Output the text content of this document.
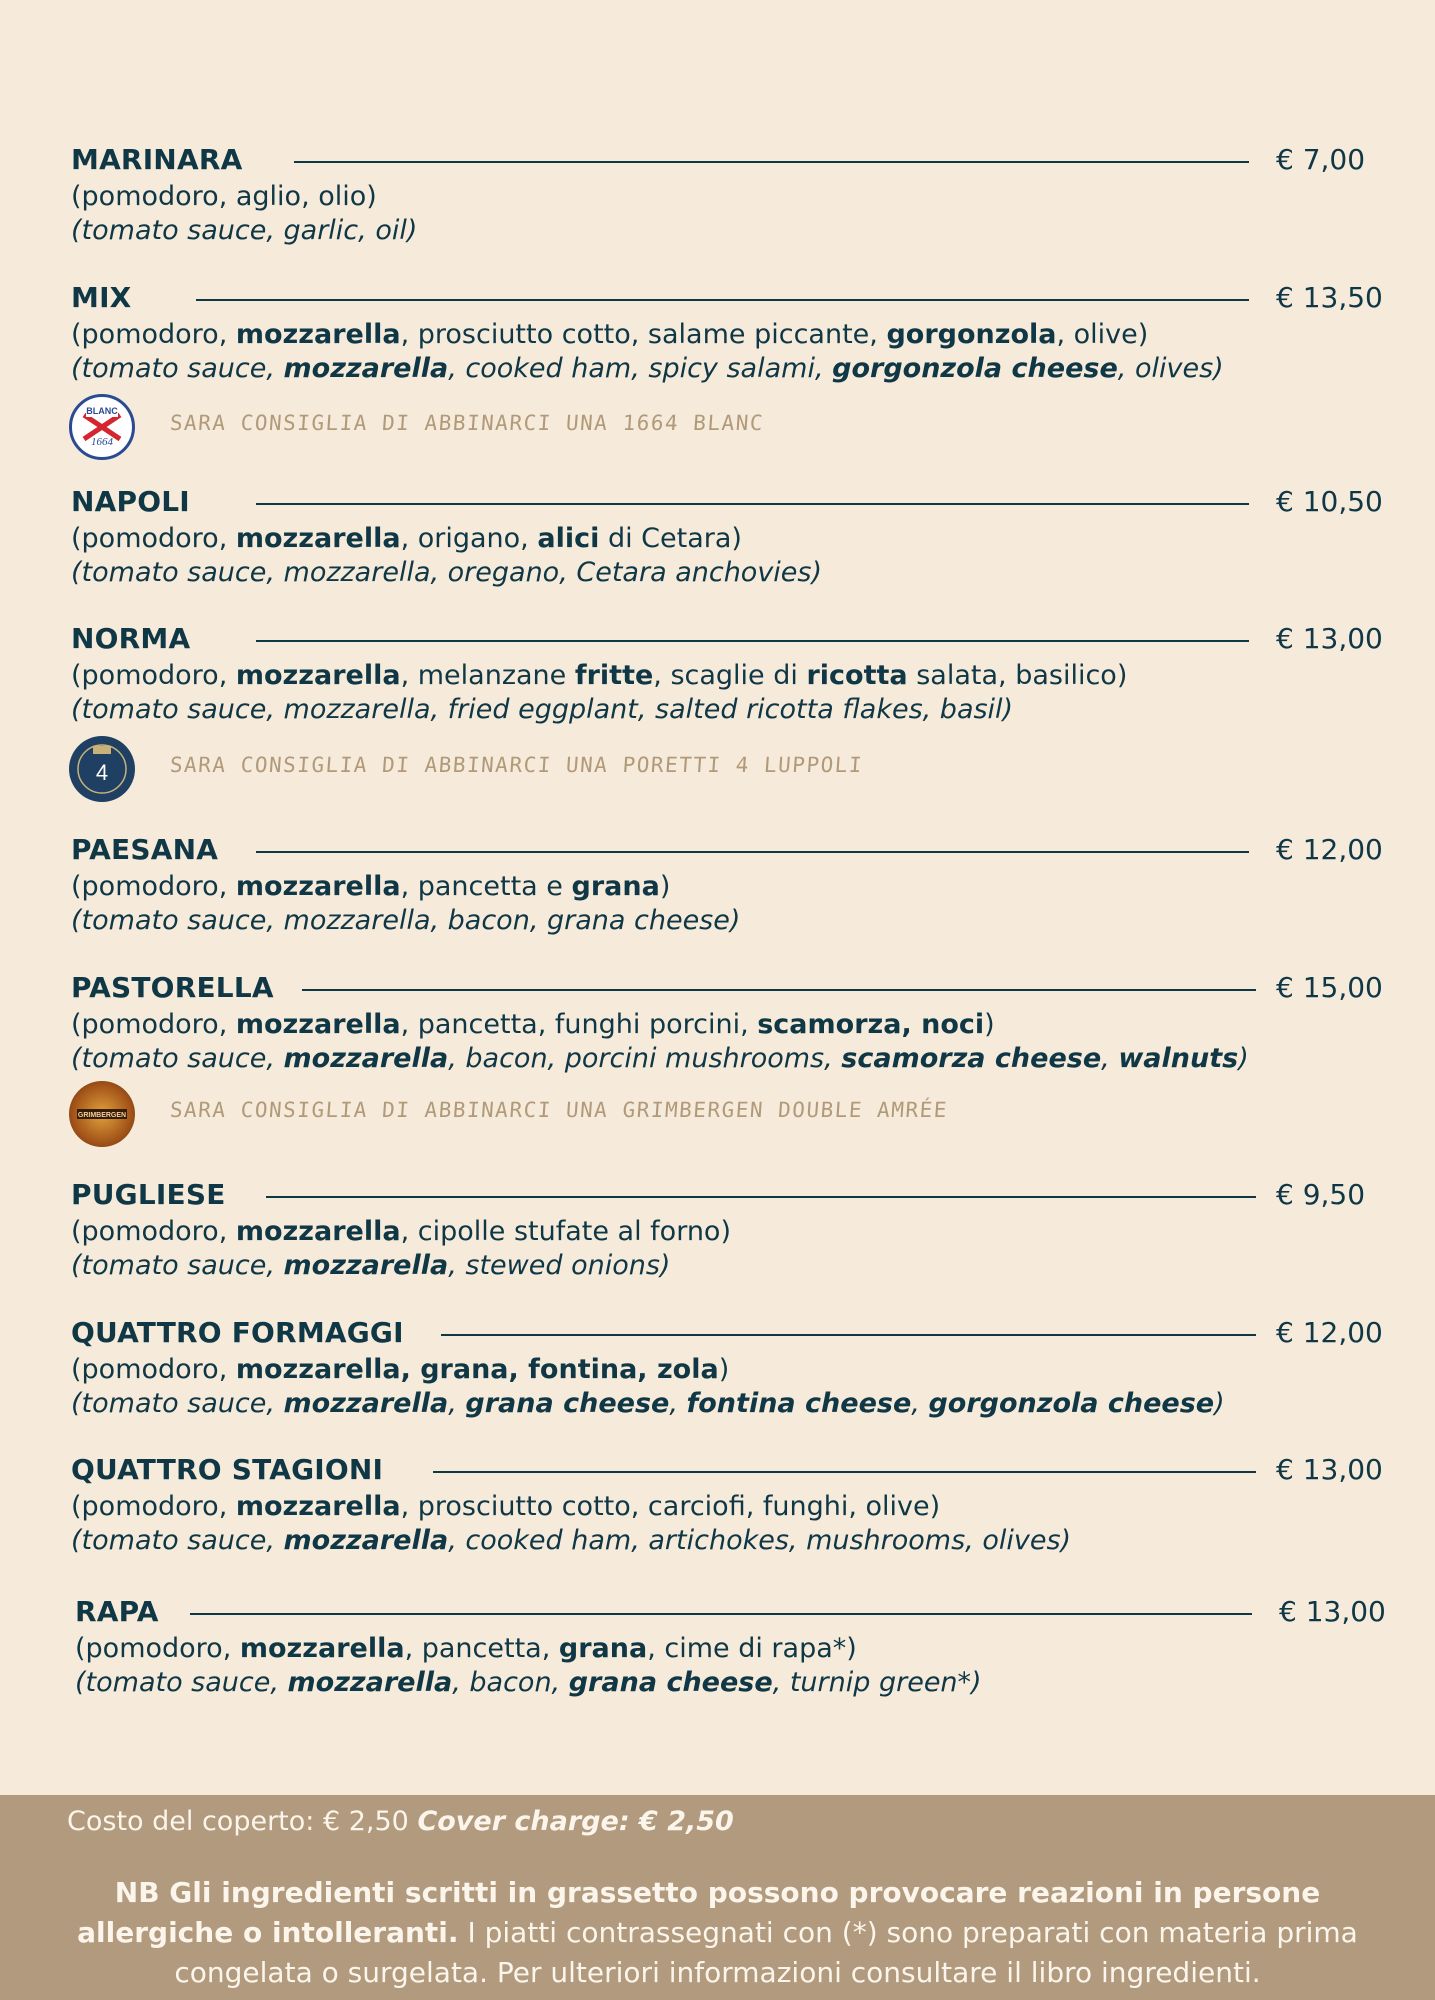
MARINARA	€ 7,00
(pomodoro, aglio, olio)
(tomato sauce, garlic, oil)
MIX	€ 13,50
(pomodoro, mozzarella, prosciutto cotto, salame piccante, gorgonzola, olive)
(tomato sauce, mozzarella, cooked ham, spicy salami, gorgonzola cheese, olives)
BLANC
1664
SARA CONSIGLIA DI ABBINARCI UNA 1664 BLANC
NAPOLI	€ 10,50
(pomodoro, mozzarella, origano, alici di Cetara)
(tomato sauce, mozzarella, oregano, Cetara anchovies)
NORMA	€ 13,00
(pomodoro, mozzarella, melanzane fritte, scaglie di ricotta salata, basilico)
(tomato sauce, mozzarella, fried eggplant, salted ricotta flakes, basil)
4	SARA CONSIGLIA DI ABBINARCI UNA PORETTI 4 LUPPOLI
PAESANA	€ 12,00
(pomodoro, mozzarella, pancetta e grana)
(tomato sauce, mozzarella, bacon, grana cheese)
PASTORELLA	€ 15,00
(pomodoro, mozzarella, pancetta, funghi porcini, scamorza, noci)
(tomato sauce, mozzarella, bacon, porcini mushrooms, scamorza cheese, walnuts)
GRIMBERGEN SARA CONSIGLIA DI ABBINARCI UNA GRIMBERGEN DOUBLE AMRÉE
PUGLIESE	€ 9,50
(pomodoro, mozzarella, cipolle stufate al forno)
(tomato sauce, mozzarella, stewed onions)
QUATTRO FORMAGGI	€ 12,00
(pomodoro, mozzarella, grana, fontina, zola)
(tomato sauce, mozzarella, grana cheese, fontina cheese, gorgonzola cheese)
QUATTRO STAGIONI	€ 13,00
(pomodoro, mozzarella, prosciutto cotto, carciofi, funghi, olive)
(tomato sauce, mozzarella, cooked ham, artichokes, mushrooms, olives)
RAPA	€ 13,00
(pomodoro, mozzarella, pancetta, grana, cime di rapa*)
(tomato sauce, mozzarella, bacon, grana cheese, turnip green*)
Costo del coperto: € 2,50 Cover charge: € 2,50
NB Gli ingredienti scritti in grassetto possono provocare reazioni in persone allergiche o intolleranti. I piatti contrassegnati con (*) sono preparati con materia prima congelata o surgelata. Per ulteriori informazioni consultare il libro ingredienti.
